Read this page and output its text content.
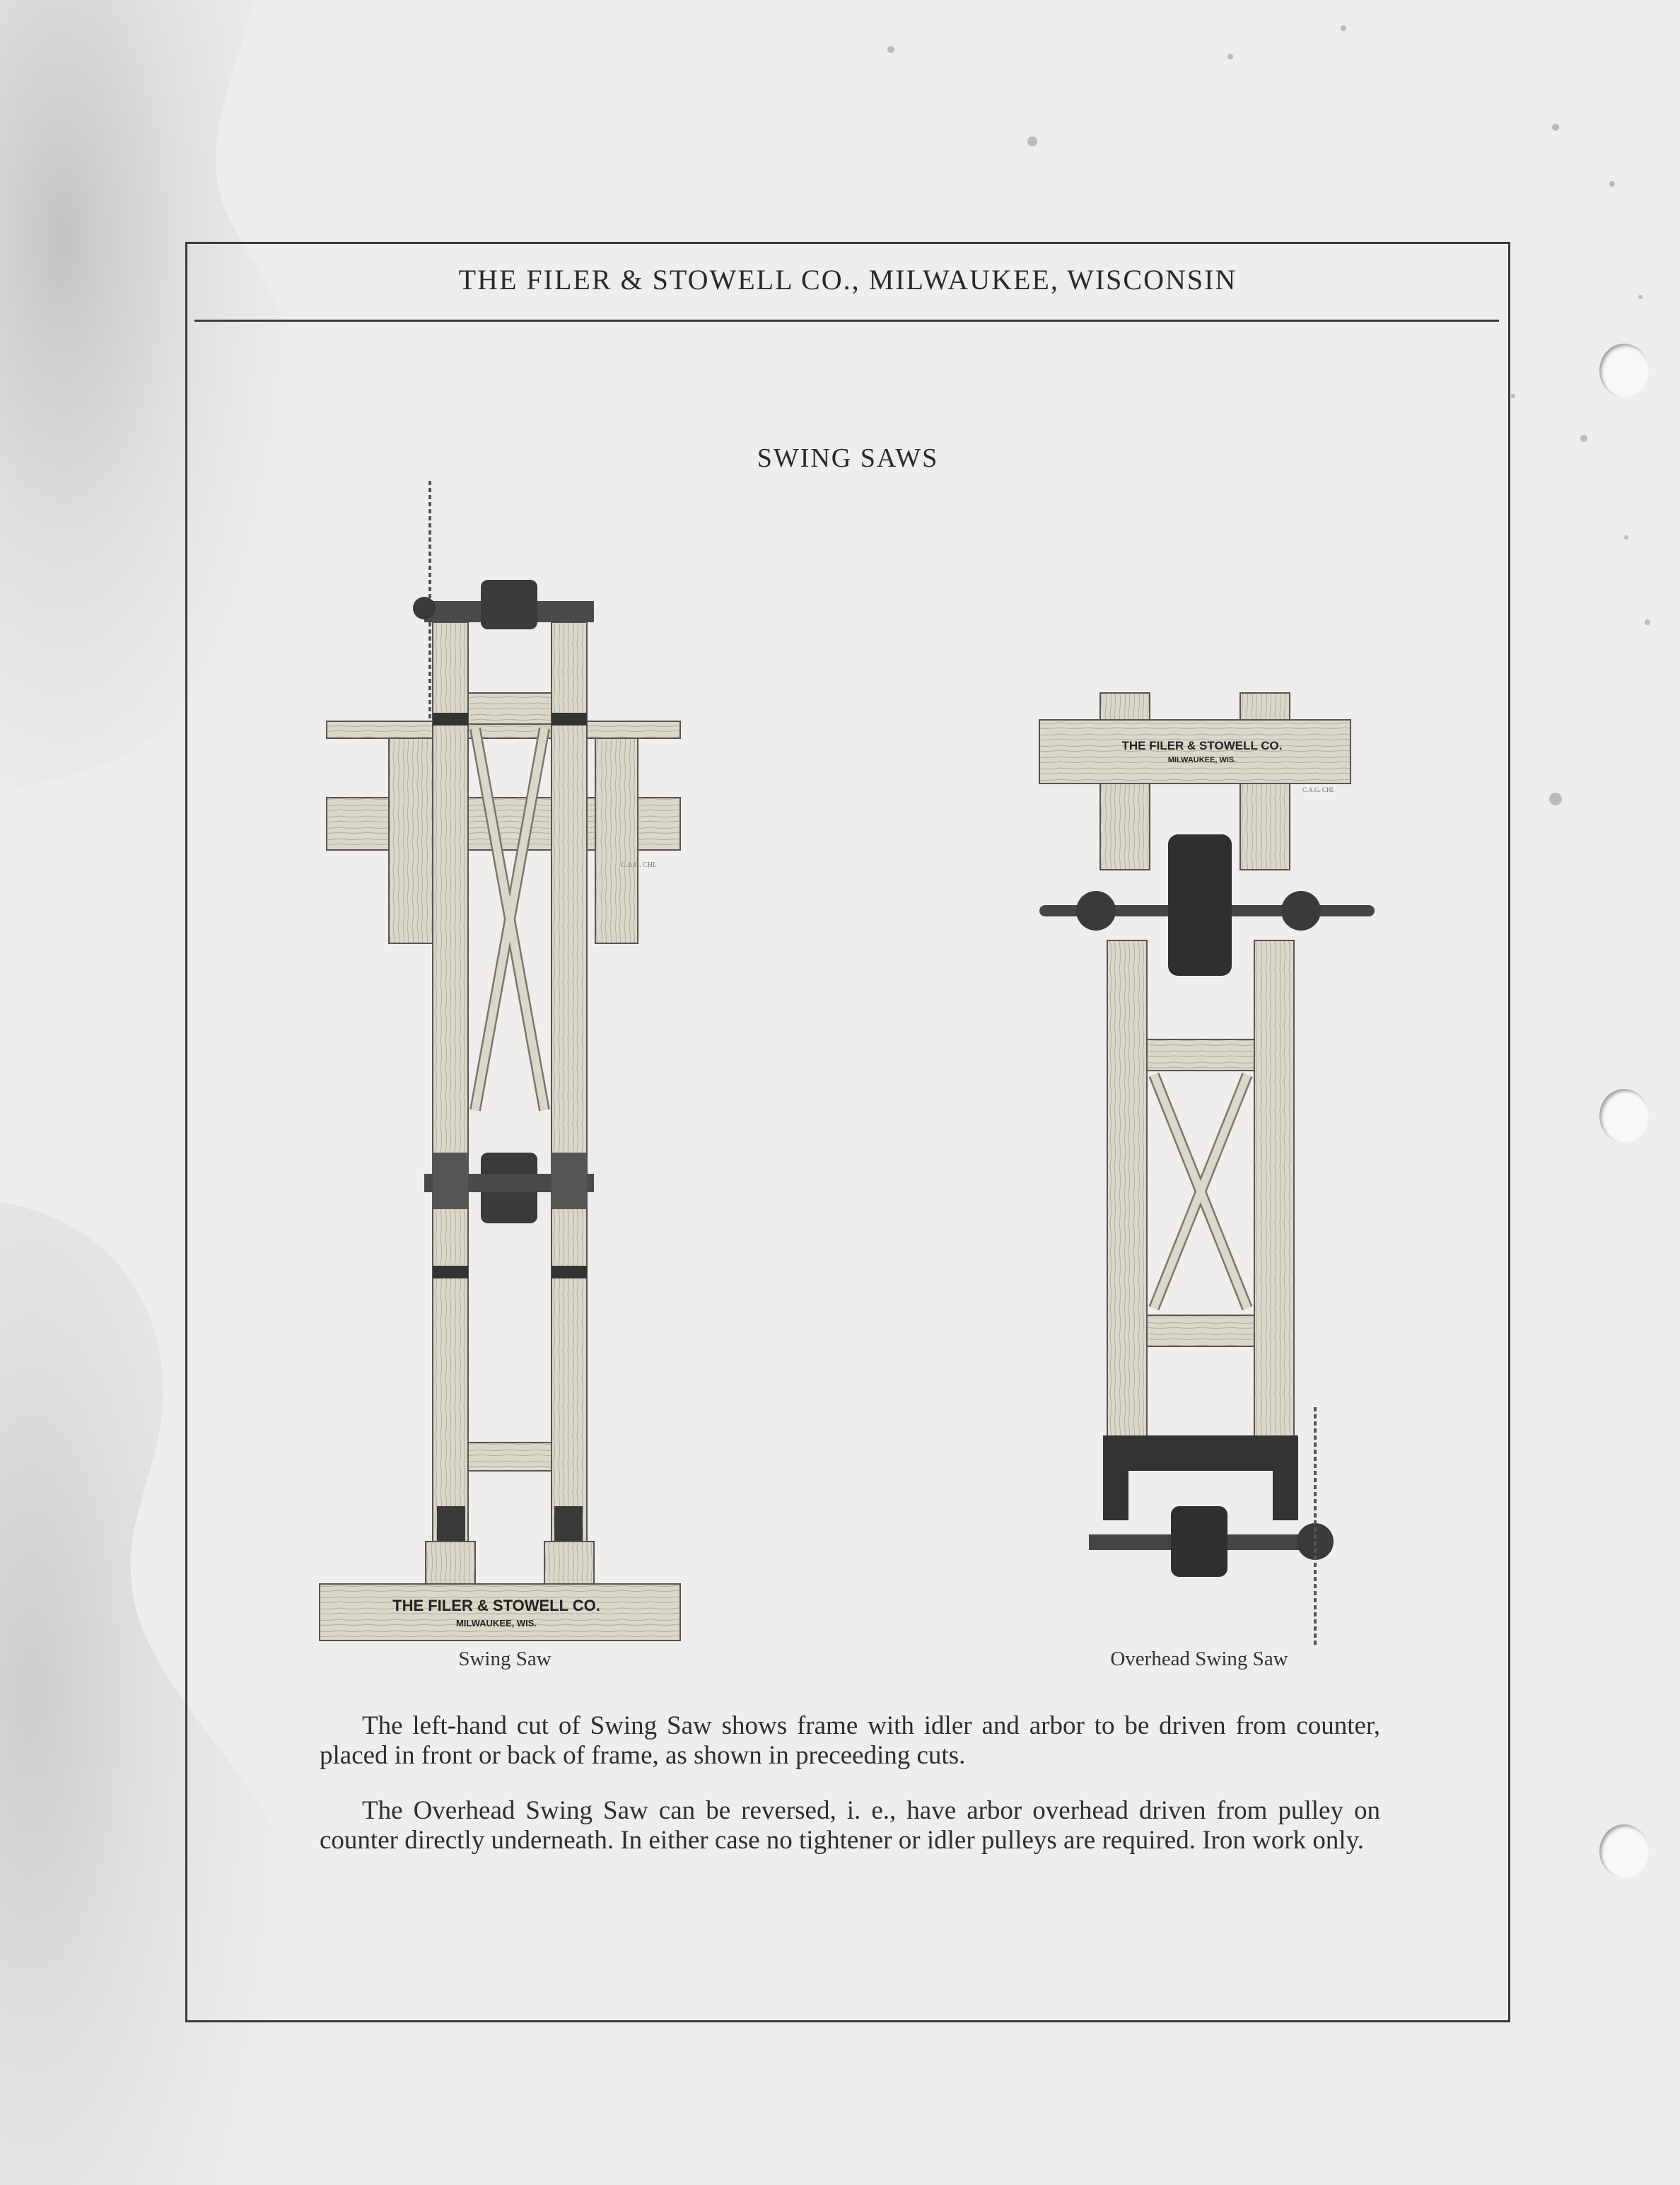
THE FILER & STOWELL CO., MILWAUKEE, WISCONSIN
SWING SAWS
THE FILER & STOWELL CO.
MILWAUKEE, WIS.
C.A.G. CHI.
THE FILER & STOWELL CO.
MILWAUKEE, WIS.
C.A.G. CHI.
Swing Saw	Overhead Swing Saw
The left-hand cut of Swing Saw shows frame with idler and arbor to be driven from counter, placed in front or back of frame, as shown in preceeding cuts.
The Overhead Swing Saw can be reversed, i. e., have arbor overhead driven from pulley on counter directly underneath. In either case no tightener or idler pulleys are required. Iron work only.
